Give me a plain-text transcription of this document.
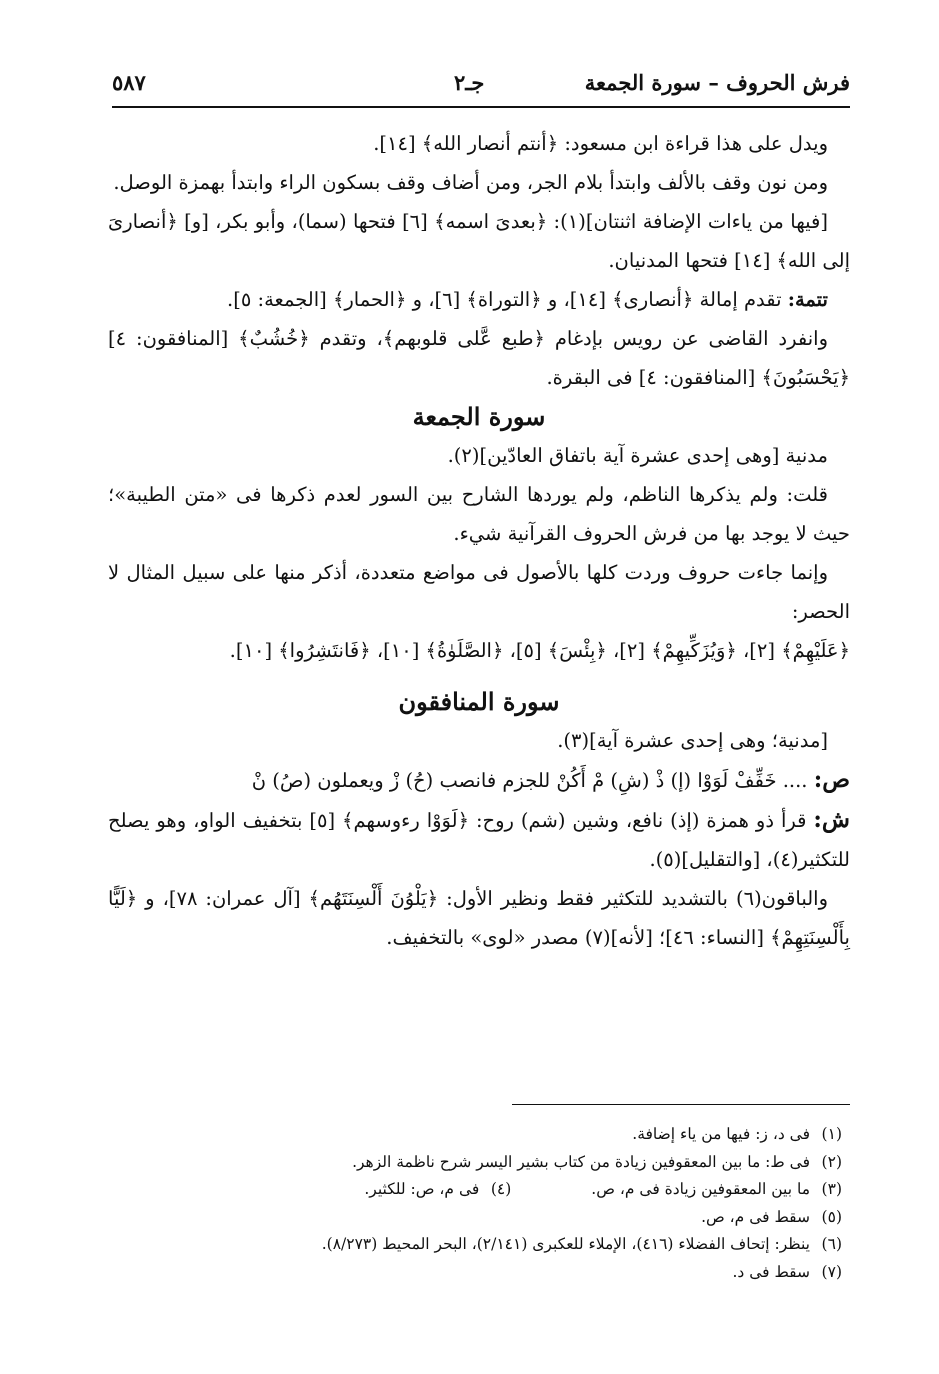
فرش الحروف – سورة الجمعة
جـ٢
٥٨٧

ويدل على هذا قراءة ابن مسعود: ﴿أنتم أنصار الله﴾ [١٤].

ومن نون وقف بالألف وابتدأ بلام الجر، ومن أضاف وقف بسكون الراء وابتدأ بهمزة الوصل.

[فيها من ياءات الإضافة اثنتان](١): ﴿بعدىَ اسمه﴾ [٦] فتحها (سما)، وأبو بكر، [و] ﴿أنصارىَ إلى الله﴾ [١٤] فتحها المدنيان.

تتمة: تقدم إمالة ﴿أنصارى﴾ [١٤]، و ﴿التوراة﴾ [٦]، و ﴿الحمار﴾ [الجمعة: ٥].

وانفرد القاضى عن رويس بإدغام ﴿طبع عَّلى قلوبهم﴾، وتقدم ﴿خُشُبٌ﴾ [المنافقون: ٤] ﴿يَحْسَبُونَ﴾ [المنافقون: ٤] فى البقرة.

سورة الجمعة

مدنية [وهى إحدى عشرة آية باتفاق العادّين](٢).

قلت: ولم يذكرها الناظم، ولم يوردها الشارح بين السور لعدم ذكرها فى «متن الطيبة»؛ حيث لا يوجد بها من فرش الحروف القرآنية شيء.

وإنما جاءت حروف وردت كلها بالأصول فى مواضع متعددة، أذكر منها على سبيل المثال لا الحصر:

﴿عَلَيْهِمْ﴾ [٢]، ﴿وَيُزَكِّيهِمْ﴾ [٢]، ﴿بِئْسَ﴾ [٥]، ﴿الصَّلَوٰةُ﴾ [١٠]، ﴿فَانتَشِرُوا﴾ [١٠].

سورة المنافقون

[مدنية؛ وهى إحدى عشرة آية](٣).

ص: .... خَفِّفْ لَوَوْا (إ) ذْ (شِ) مْ أَكُنْ للجزم فانصب (حُ) زْ ويعملون (صُ) نْ

ش: قرأ ذو همزة (إذ) نافع، وشين (شم) روح: ﴿لَوَوْا رءوسهم﴾ [٥] بتخفيف الواو، وهو يصلح للتكثير(٤)، [والتقليل](٥).

والباقون(٦) بالتشديد للتكثير فقط ونظير الأول: ﴿يَلْوُنَ أَلْسِنَتَهُم﴾ [آل عمران: ٧٨]، و ﴿لَيًّا بِأَلْسِنَتِهِمْ﴾ [النساء: ٤٦]؛ [لأنه](٧) مصدر «لوى» بالتخفيف.

(١)فى د، ز: فيها من ياء إضافة.

(٢)فى ط: ما بين المعقوفين زيادة من كتاب بشير اليسر شرح ناظمة الزهر.

(٣)ما بين المعقوفين زيادة فى م، ص.(٤)فى م، ص: للكثير.

(٥)سقط فى م، ص.

(٦)ينظر: إتحاف الفضلاء (٤١٦)، الإملاء للعكبرى (٢/١٤١)، البحر المحيط (٨/٢٧٣).

(٧)سقط فى د.
